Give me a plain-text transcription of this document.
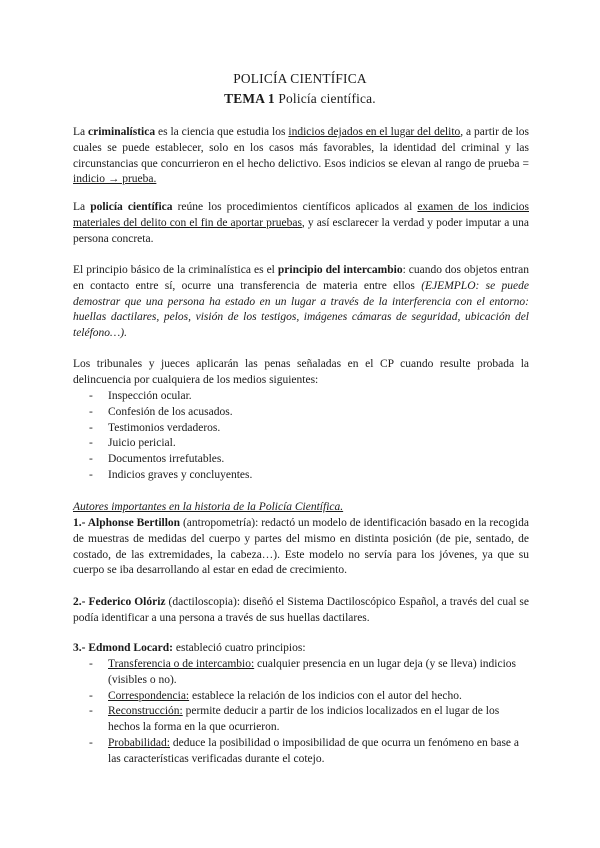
POLICÍA CIENTÍFICA
TEMA 1 Policía científica.

La criminalística es la ciencia que estudia los indicios dejados en el lugar del delito, a partir de los cuales se puede establecer, solo en los casos más favorables, la identidad del criminal y las circunstancias que concurrieron en el hecho delictivo. Esos indicios se elevan al rango de prueba = indicio → prueba.

La policía científica reúne los procedimientos científicos aplicados al examen de los indicios materiales del delito con el fin de aportar pruebas, y así esclarecer la verdad y poder imputar a una persona concreta.

El principio básico de la criminalística es el principio del intercambio: cuando dos objetos entran en contacto entre sí, ocurre una transferencia de materia entre ellos (EJEMPLO: se puede demostrar que una persona ha estado en un lugar a través de la interferencia con el entorno: huellas dactilares, pelos, visión de los testigos, imágenes cámaras de seguridad, ubicación del teléfono…).

Los tribunales y jueces aplicarán las penas señaladas en el CP cuando resulte probada la delincuencia por cualquiera de los medios siguientes:

- Inspección ocular.
- Confesión de los acusados.
- Testimonios verdaderos.
- Juicio pericial.
- Documentos irrefutables.
- Indicios graves y concluyentes.

Autores importantes en la historia de la Policía Científica.

1.- Alphonse Bertillon (antropometría): redactó un modelo de identificación basado en la recogida de muestras de medidas del cuerpo y partes del mismo en distinta posición (de pie, sentado, de costado, de las extremidades, la cabeza…). Este modelo no servía para los jóvenes, ya que su cuerpo se iba desarrollando al estar en edad de crecimiento.

2.- Federico Olóriz (dactiloscopia): diseñó el Sistema Dactiloscópico Español, a través del cual se podía identificar a una persona a través de sus huellas dactilares.

3.- Edmond Locard: estableció cuatro principios:

- Transferencia o de intercambio: cualquier presencia en un lugar deja (y se lleva) indicios (visibles o no).
- Correspondencia: establece la relación de los indicios con el autor del hecho.
- Reconstrucción: permite deducir a partir de los indicios localizados en el lugar de los hechos la forma en la que ocurrieron.
- Probabilidad: deduce la posibilidad o imposibilidad de que ocurra un fenómeno en base a las características verificadas durante el cotejo.
